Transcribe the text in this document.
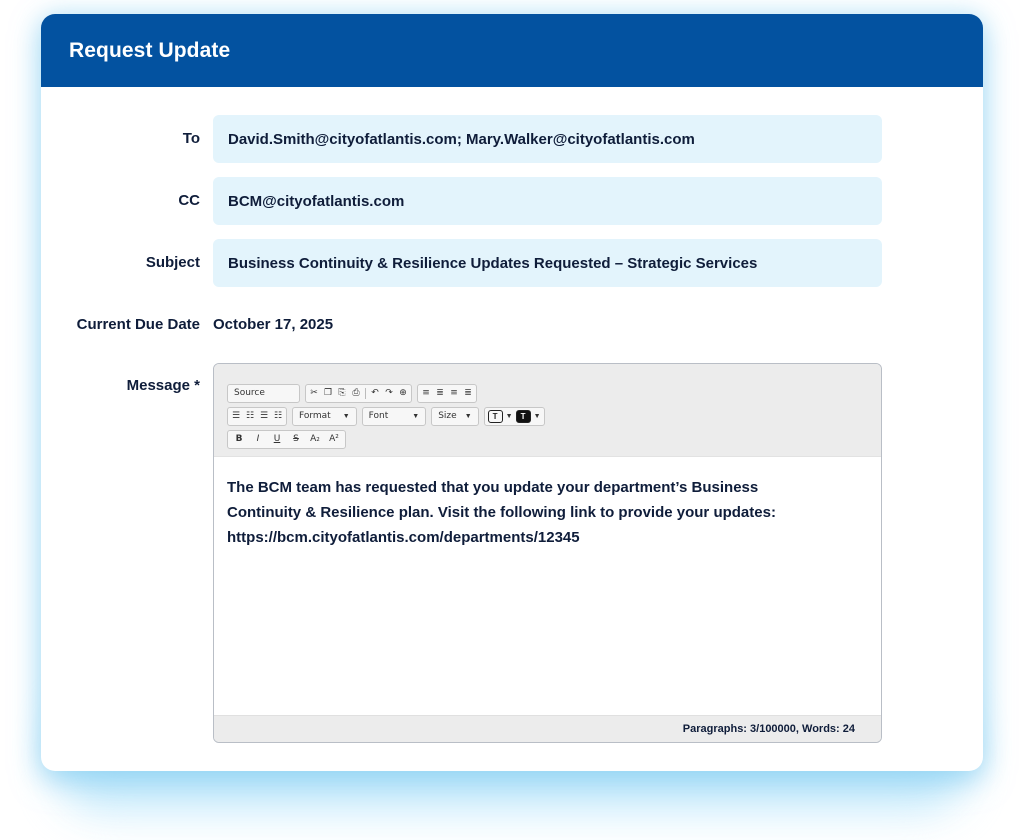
Request Update
To	David.Smith@cityofatlantis.com; Mary.Walker@cityofatlantis.com
CC	BCM@cityofatlantis.com
Subject	Business Continuity & Resilience Updates Requested – Strategic Services
Current Due Date October 17, 2025
Message *	Source	✂ ❐ ⎘ ⎙ ↶ ↷ ⊕ ≡ ≣ ≡ ≣
☰ ☷ ☰ ☷ Format ▼ Font	▼ Size ▼	T	▼	T	▼
B	I	U S A₂ A²

The BCM team has requested that you update your department’s Business

Continuity & Resilience plan. Visit the following link to provide your updates:

https://bcm.cityofatlantis.com/departments/12345

Paragraphs: 3/100000, Words: 24
